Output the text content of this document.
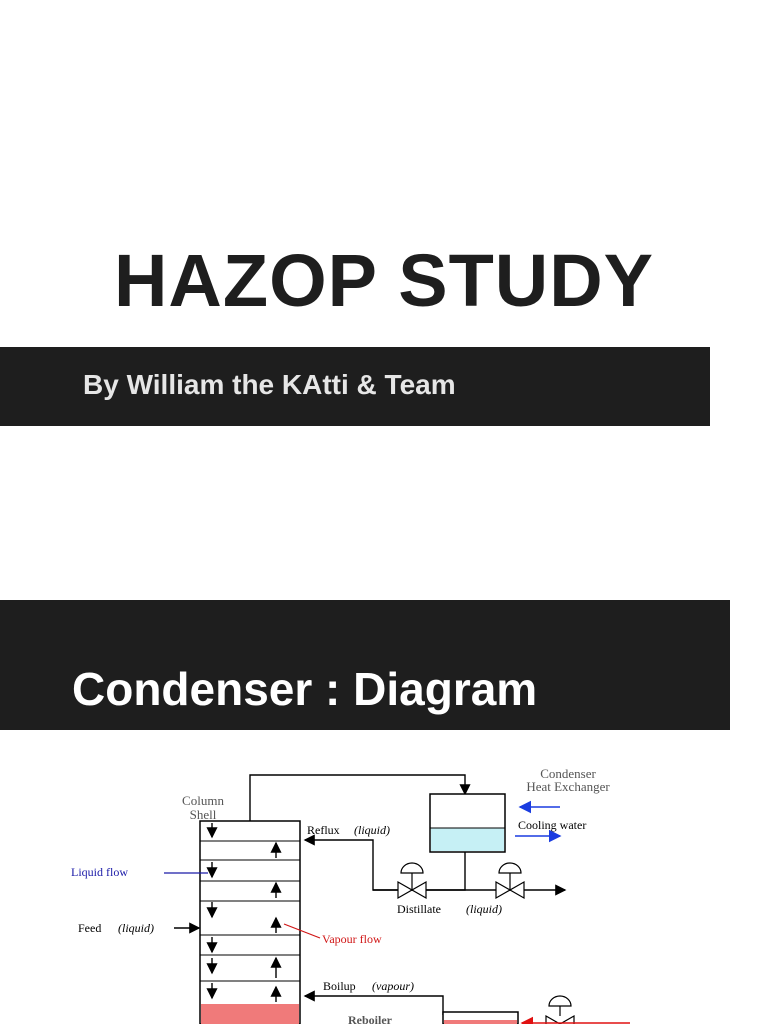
HAZOP STUDY
By William the KAtti & Team
Condenser : Diagram
Column
Shell
Condenser
Heat Exchanger
Reflux (liquid)	Cooling water
Liquid flow
Feed (liquid)
Distillate (liquid)
Vapour flow
Boilup (vapour)
Reboiler
